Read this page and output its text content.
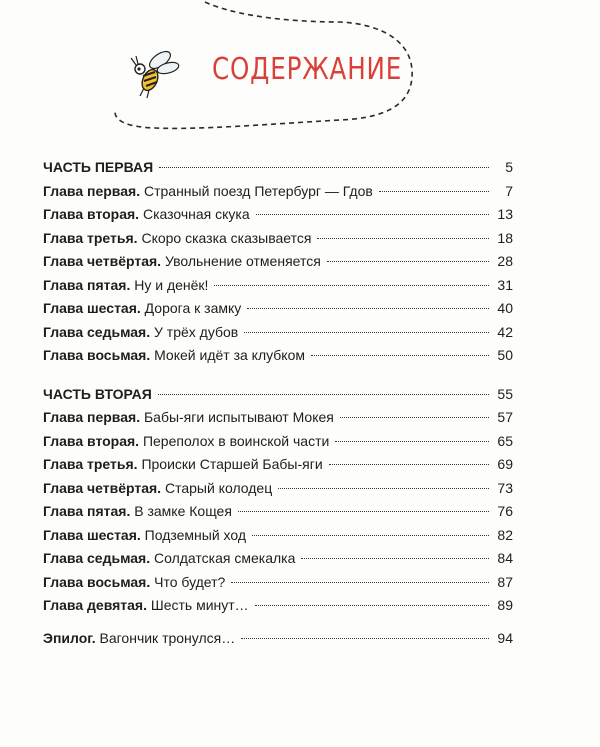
СОДЕРЖАНИЕ
ЧАСТЬ ПЕРВАЯ	5
Глава первая. Странный поезд Петербург — Гдов	7
Глава вторая. Сказочная скука	13
Глава третья. Скоро сказка сказывается	18
Глава четвёртая. Увольнение отменяется	28
Глава пятая. Ну и денёк!	31
Глава шестая. Дорога к замку	40
Глава седьмая. У трёх дубов	42
Глава восьмая. Мокей идёт за клубком	50
ЧАСТЬ ВТОРАЯ	55
Глава первая. Бабы-яги испытывают Мокея	57
Глава вторая. Переполох в воинской части	65
Глава третья. Происки Старшей Бабы-яги	69
Глава четвёртая. Старый колодец	73
Глава пятая. В замке Кощея	76
Глава шестая. Подземный ход	82
Глава седьмая. Солдатская смекалка	84
Глава восьмая. Что будет?	87
Глава девятая. Шесть минут…	89
Эпилог. Вагончик тронулся…	94
